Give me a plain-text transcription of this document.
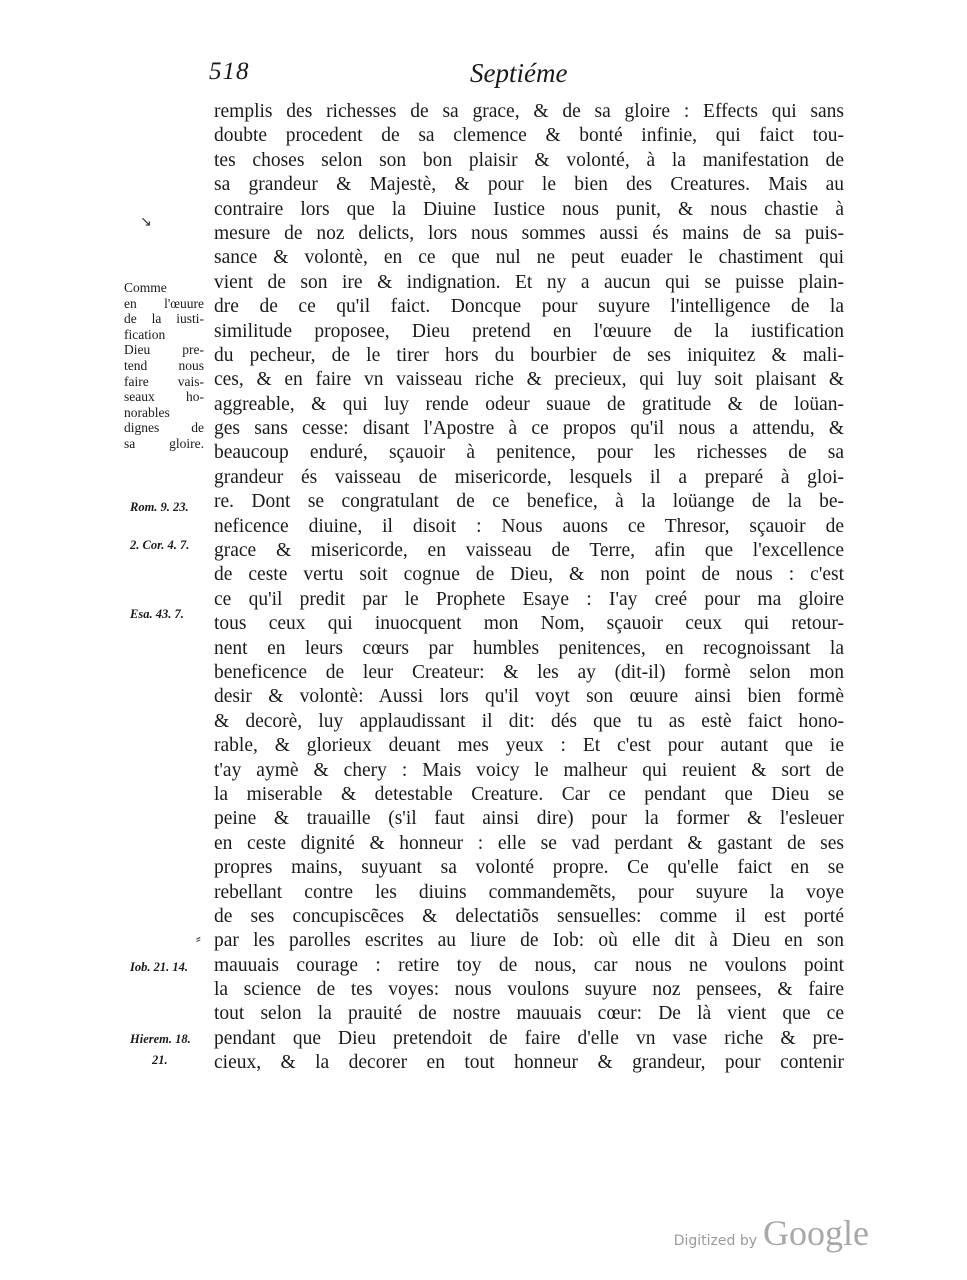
518	Septiéme
↘
⸗
Comme
en l'œuure
de la iusti-
fication
Dieu pre-
tend nous
faire vais-
seaux ho-
norables
dignes de
sa gloire.
Rom. 9. 23.
2. Cor. 4. 7.
Esa. 43. 7.
Iob. 21. 14.
Hierem. 18.
21.
remplis des richesses de sa grace, & de sa gloire : Effects qui sans
doubte procedent de sa clemence & bonté infinie, qui faict tou-
tes choses selon son bon plaisir & volonté, à la manifestation de
sa grandeur & Majestè, & pour le bien des Creatures. Mais au
contraire lors que la Diuine Iustice nous punit, & nous chastie à
mesure de noz delicts, lors nous sommes aussi és mains de sa puis-
sance & volontè, en ce que nul ne peut euader le chastiment qui
vient de son ire & indignation. Et ny a aucun qui se puisse plain-
dre de ce qu'il faict. Doncque pour suyure l'intelligence de la
similitude proposee, Dieu pretend en l'œuure de la iustification
du pecheur, de le tirer hors du bourbier de ses iniquitez & mali-
ces, & en faire vn vaisseau riche & precieux, qui luy soit plaisant &
aggreable, & qui luy rende odeur suaue de gratitude & de loüan-
ges sans cesse: disant l'Apostre à ce propos qu'il nous a attendu, &
beaucoup enduré, sçauoir à penitence, pour les richesses de sa
grandeur és vaisseau de misericorde, lesquels il a preparé à gloi-
re. Dont se congratulant de ce benefice, à la loüange de la be-
neficence diuine, il disoit : Nous auons ce Thresor, sçauoir de
grace & misericorde, en vaisseau de Terre, afin que l'excellence
de ceste vertu soit cognue de Dieu, & non point de nous : c'est
ce qu'il predit par le Prophete Esaye : I'ay creé pour ma gloire
tous ceux qui inuocquent mon Nom, sçauoir ceux qui retour-
nent en leurs cœurs par humbles penitences, en recognoissant la
beneficence de leur Createur: & les ay (dit-il) formè selon mon
desir & volontè: Aussi lors qu'il voyt son œuure ainsi bien formè
& decorè, luy applaudissant il dit: dés que tu as estè faict hono-
rable, & glorieux deuant mes yeux : Et c'est pour autant que ie
t'ay aymè & chery : Mais voicy le malheur qui reuient & sort de
la miserable & detestable Creature. Car ce pendant que Dieu se
peine & trauaille (s'il faut ainsi dire) pour la former & l'esleuer
en ceste dignité & honneur : elle se vad perdant & gastant de ses
propres mains, suyuant sa volonté propre. Ce qu'elle faict en se
rebellant contre les diuins commandemẽts, pour suyure la voye
de ses concupiscẽces & delectatiõs sensuelles: comme il est porté
par les parolles escrites au liure de Iob: où elle dit à Dieu en son
mauuais courage : retire toy de nous, car nous ne voulons point
la science de tes voyes: nous voulons suyure noz pensees, & faire
tout selon la prauité de nostre mauuais cœur: De là vient que ce
pendant que Dieu pretendoit de faire d'elle vn vase riche & pre-
cieux, & la decorer en tout honneur & grandeur, pour contenir
Digitized by Google
